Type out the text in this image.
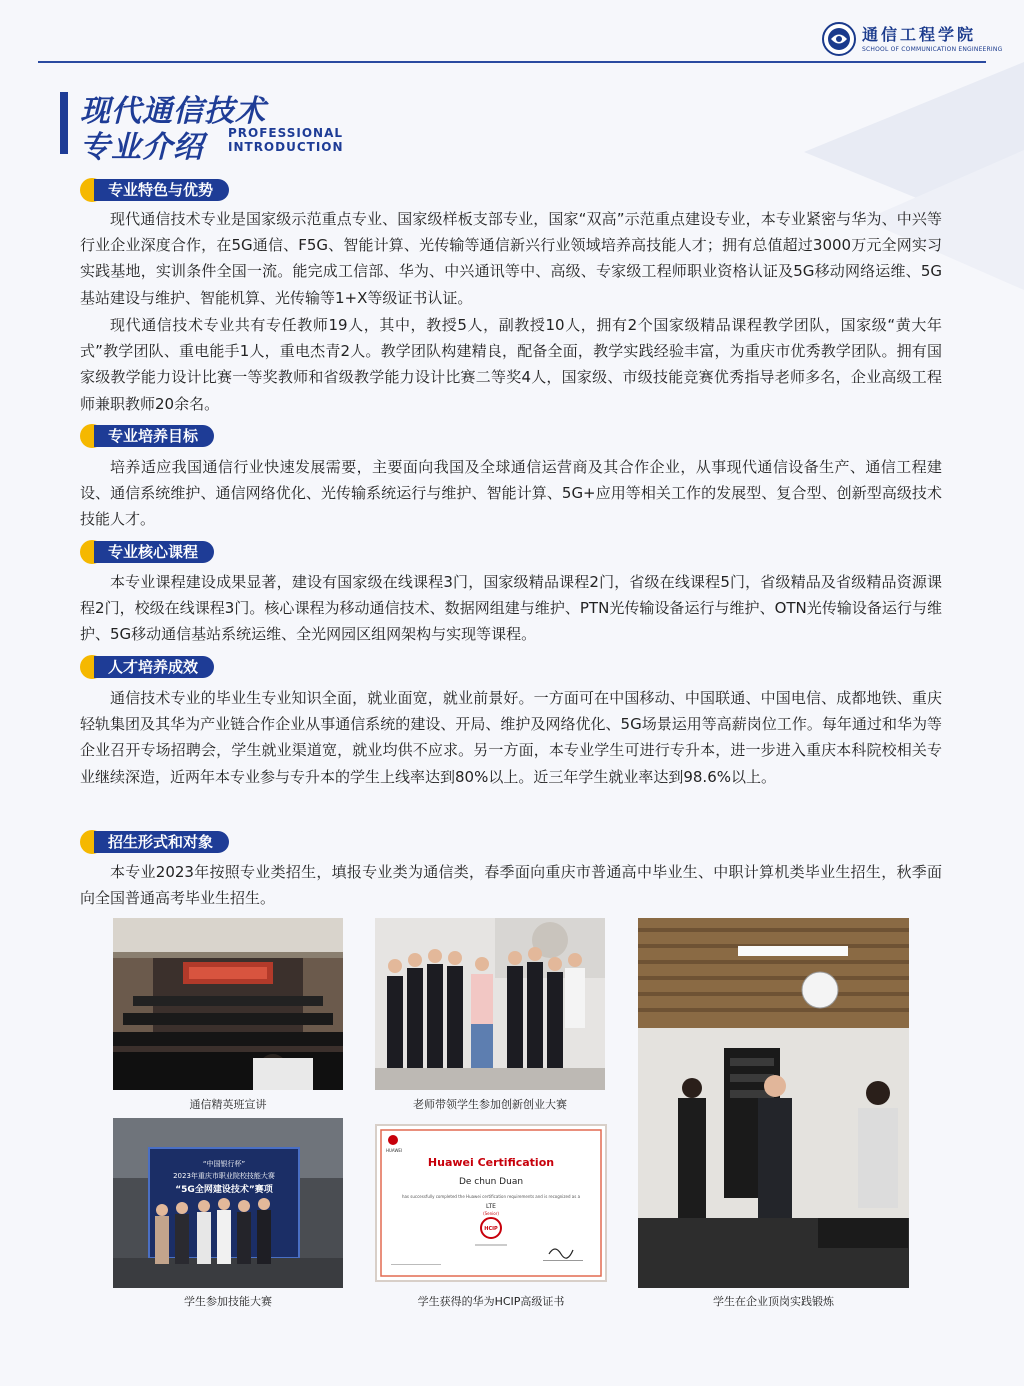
通信工程学院
SCHOOL OF COMMUNICATION ENGINEERING
现代通信技术
专业介绍 PROFESSIONAL
INTRODUCTION
专业特色与优势

现代通信技术专业是国家级示范重点专业、国家级样板支部专业，国家“双高”示范重点建设专业，本专业紧密与华为、中兴等行业企业深度合作，在5G通信、F5G、智能计算、光传输等通信新兴行业领域培养高技能人才；拥有总值超过3000万元全网实习实践基地，实训条件全国一流。能完成工信部、华为、中兴通讯等中、高级、专家级工程师职业资格认证及5G移动网络运维、5G基站建设与维护、智能机算、光传输等1+X等级证书认证。

现代通信技术专业共有专任教师19人，其中，教授5人，副教授10人，拥有2个国家级精品课程教学团队，国家级“黄大年式”教学团队、重电能手1人，重电杰青2人。教学团队构建精良，配备全面，教学实践经验丰富，为重庆市优秀教学团队。拥有国家级教学能力设计比赛一等奖教师和省级教学能力设计比赛二等奖4人，国家级、市级技能竞赛优秀指导老师多名，企业高级工程师兼职教师20余名。

专业培养目标

培养适应我国通信行业快速发展需要，主要面向我国及全球通信运营商及其合作企业，从事现代通信设备生产、通信工程建设、通信系统维护、通信网络优化、光传输系统运行与维护、智能计算、5G+应用等相关工作的发展型、复合型、创新型高级技术技能人才。

专业核心课程

本专业课程建设成果显著，建设有国家级在线课程3门，国家级精品课程2门，省级在线课程5门，省级精品及省级精品资源课程2门，校级在线课程3门。核心课程为移动通信技术、数据网组建与维护、PTN光传输设备运行与维护、OTN光传输设备运行与维护、5G移动通信基站系统运维、全光网园区组网架构与实现等课程。

人才培养成效

通信技术专业的毕业生专业知识全面，就业面宽，就业前景好。一方面可在中国移动、中国联通、中国电信、成都地铁、重庆轻轨集团及其华为产业链合作企业从事通信系统的建设、开局、维护及网络优化、5G场景运用等高薪岗位工作。每年通过和华为等企业召开专场招聘会，学生就业渠道宽，就业均供不应求。另一方面，本专业学生可进行专升本，进一步进入重庆本科院校相关专业继续深造，近两年本专业参与专升本的学生上线率达到80%以上。近三年学生就业率达到98.6%以上。

招生形式和对象

本专业2023年按照专业类招生，填报专业类为通信类，春季面向重庆市普通高中毕业生、中职计算机类毕业生招生，秋季面向全国普通高考毕业生招生。

通信精英班宣讲	老师带领学生参加创新创业大赛
学生在企业顶岗实践锻炼
“中国银行杯”
2023年重庆市职业院校技能大赛
“5G全网建设技术”赛项
学生参加技能大赛
HUAWEI
Huawei Certification
De chun Duan
has successfully completed the Huawei certification requirements and is recognized as a
LTE
(Senior)
HCIP
学生获得的华为HCIP高级证书
